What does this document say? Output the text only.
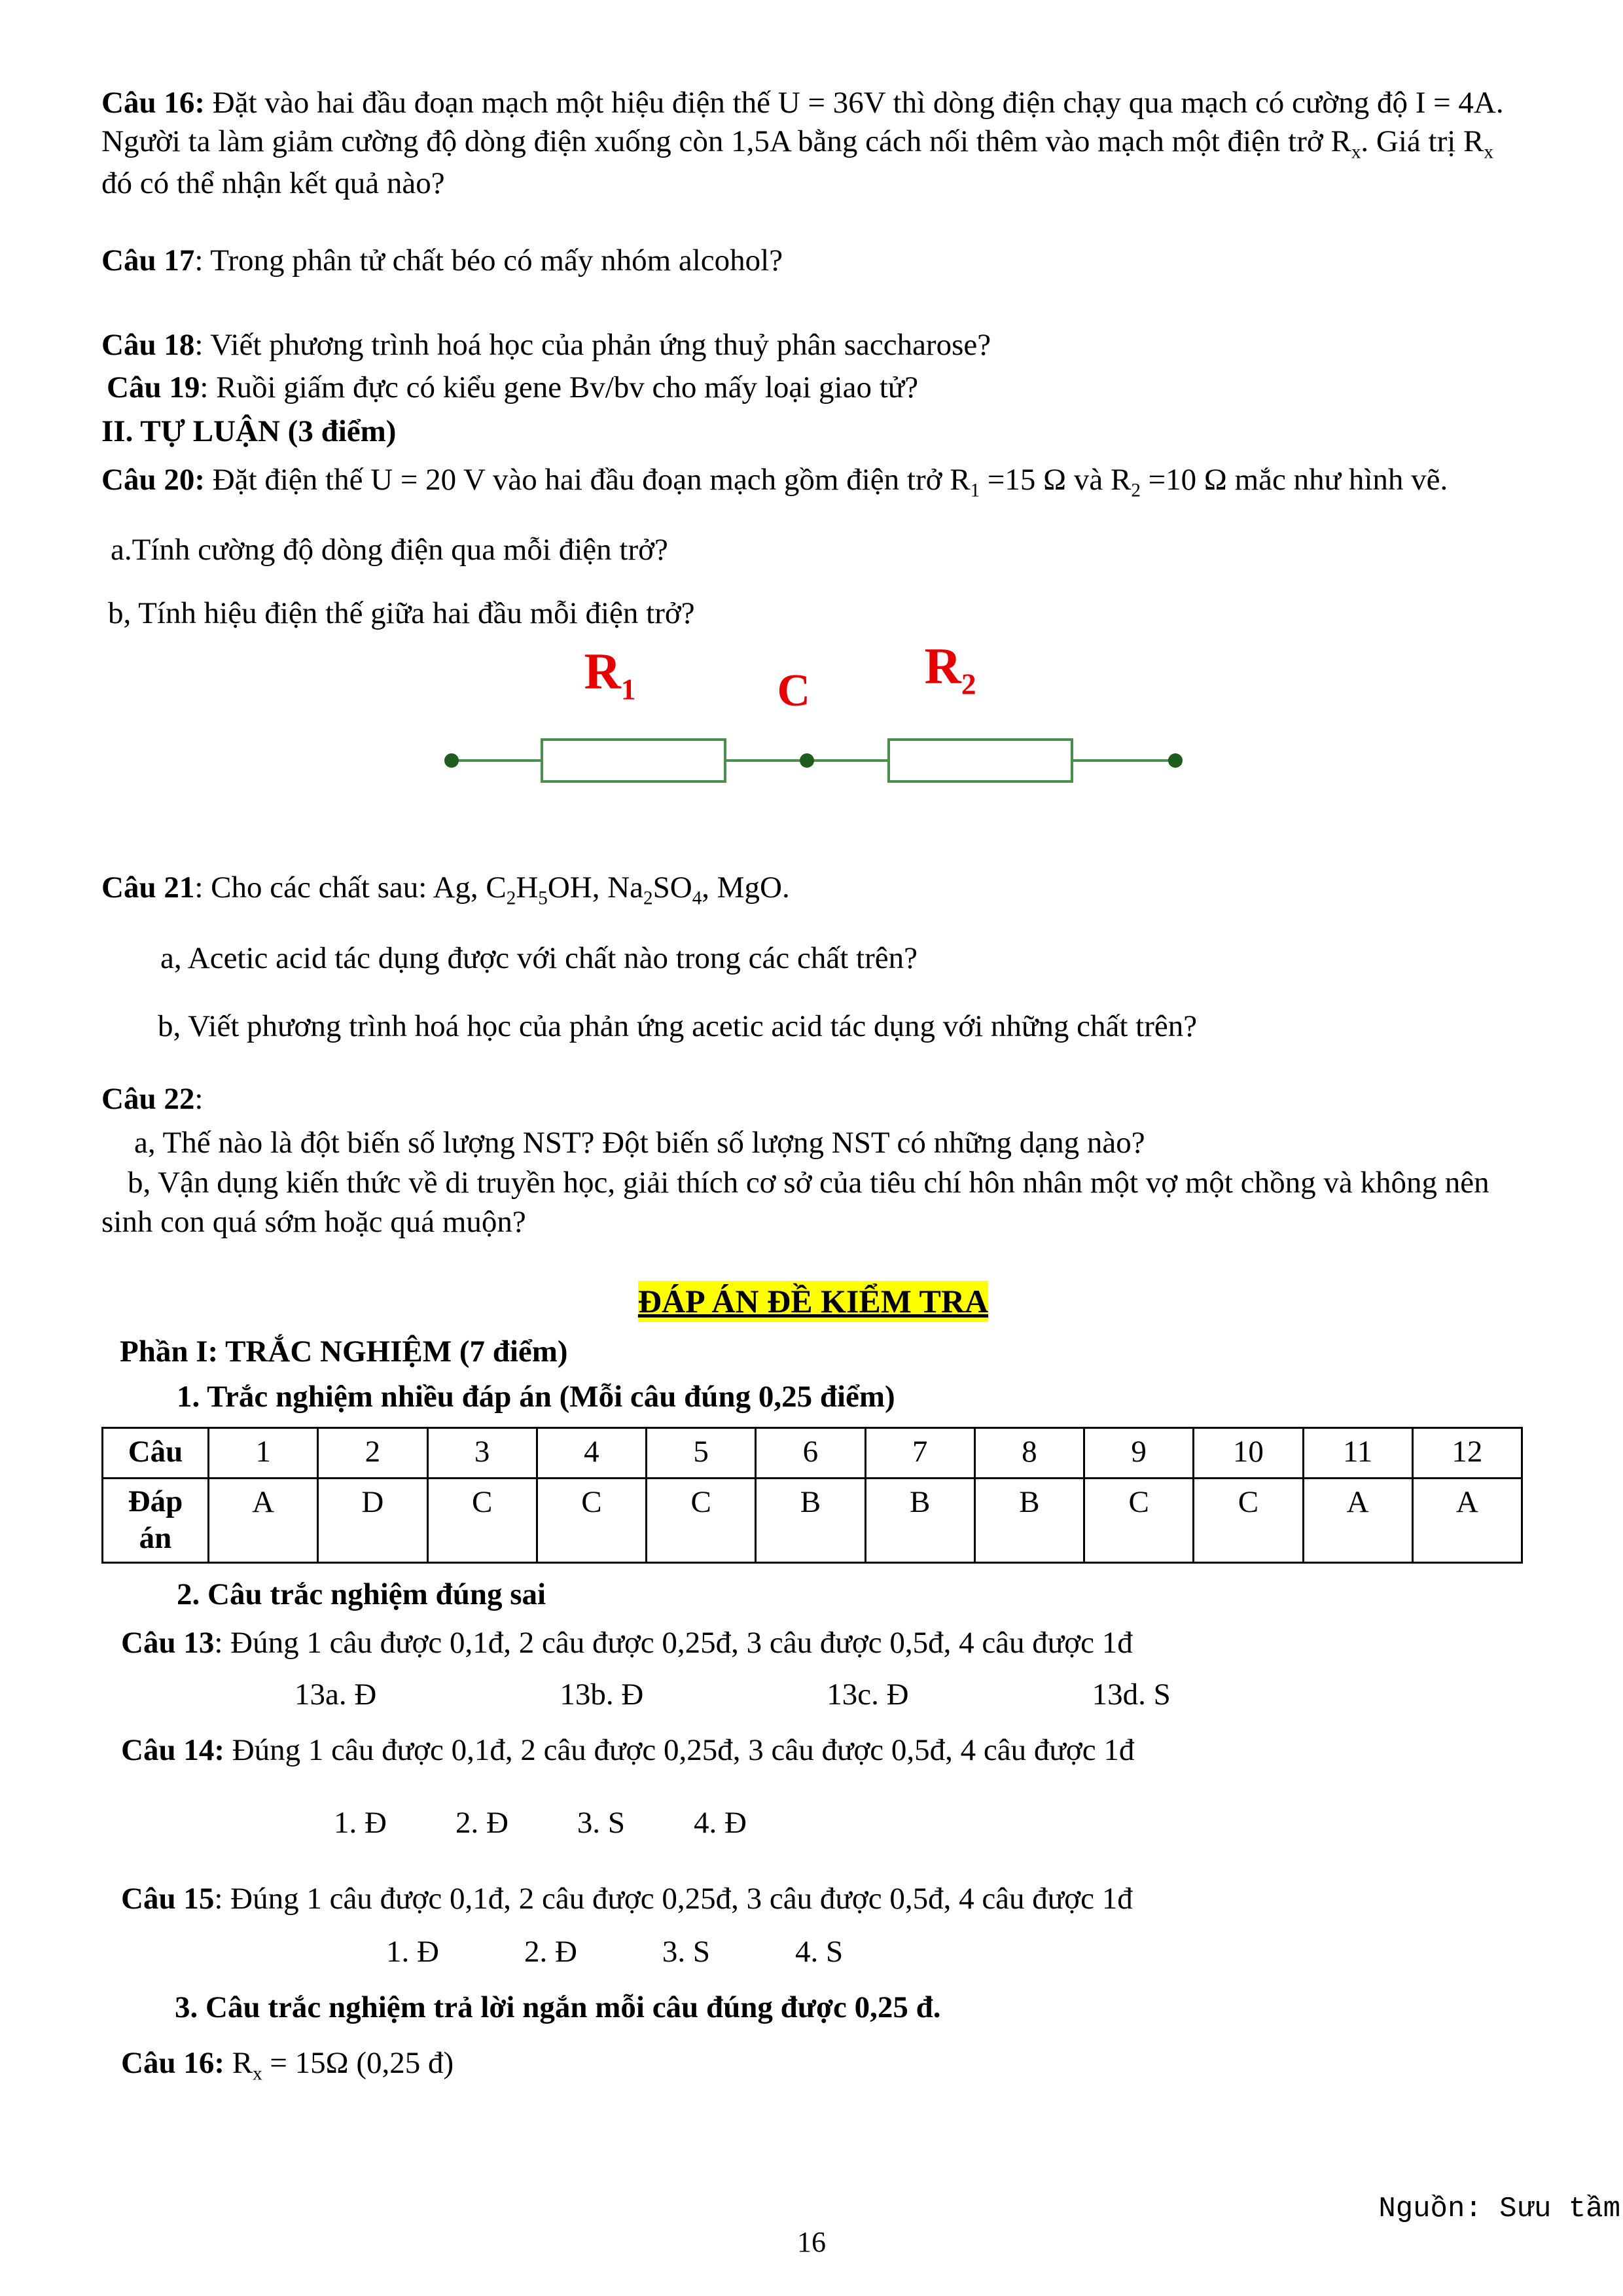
Câu 16: Đặt vào hai đầu đoạn mạch một hiệu điện thế U = 36V thì dòng điện chạy qua mạch có cường độ I = 4A. Người ta làm giảm cường độ dòng điện xuống còn 1,5A bằng cách nối thêm vào mạch một điện trở $R_x$. Giá trị $R_x$ đó có thể nhận kết quả nào?

Câu 17: Trong phân tử chất béo có mấy nhóm alcohol?

Câu 18: Viết phương trình hoá học của phản ứng thuỷ phân saccharose?

Câu 19: Ruồi giấm đực có kiểu gene Bv/bv cho mấy loại giao tử?

II. TỰ LUẬN (3 điểm)

Câu 20: Đặt điện thế U = 20 V vào hai đầu đoạn mạch gồm điện trở $R_1 =15$ Ω và $R_2 =10$ Ω mắc như hình vẽ.

a.Tính cường độ dòng điện qua mỗi điện trở?

b, Tính hiệu điện thế giữa hai đầu mỗi điện trở?

$R_1$	C $R_2$

Câu 21: Cho các chất sau: Ag, $C_2H_5OH$, $Na_2SO_4$, MgO.

a, Acetic acid tác dụng được với chất nào trong các chất trên?

b, Viết phương trình hoá học của phản ứng acetic acid tác dụng với những chất trên?

Câu 22:

a, Thế nào là đột biến số lượng NST? Đột biến số lượng NST có những dạng nào?

b, Vận dụng kiến thức về di truyền học, giải thích cơ sở của tiêu chí hôn nhân một vợ một chồng và không nên sinh con quá sớm hoặc quá muộn?

ĐÁP ÁN ĐỀ KIỂM TRA

Phần I: TRẮC NGHIỆM (7 điểm)

1. Trắc nghiệm nhiều đáp án (Mỗi câu đúng 0,25 điểm)

Câu	1	2	3	4	5	6	7	8	9	10	11	12

Đáp
án	A	D	C	C	C	B	B	B	C	C	A	A

2. Câu trắc nghiệm đúng sai

Câu 13: Đúng 1 câu được 0,1đ, 2 câu được 0,25đ, 3 câu được 0,5đ, 4 câu được 1đ

13a. Đ	13b. Đ	13c. Đ	13d. S

Câu 14: Đúng 1 câu được 0,1đ, 2 câu được 0,25đ, 3 câu được 0,5đ, 4 câu được 1đ

1. Đ 2. Đ 3. S 4. Đ

Câu 15: Đúng 1 câu được 0,1đ, 2 câu được 0,25đ, 3 câu được 0,5đ, 4 câu được 1đ

1. Đ	2. Đ	3. S	4. S

3. Câu trắc nghiệm trả lời ngắn mỗi câu đúng được 0,25 đ.

Câu 16: $R_x = 15\Omega$ (0,25 đ)

Nguồn: Sưu tầm
16
